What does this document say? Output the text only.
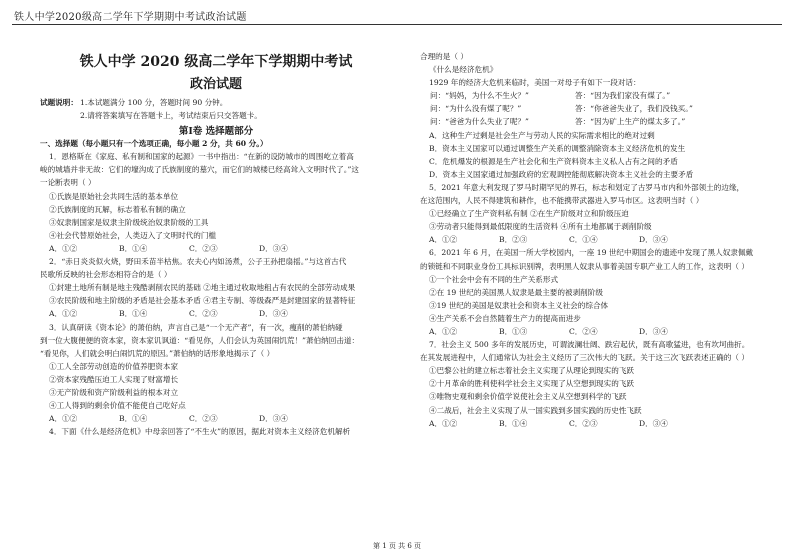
铁人中学2020级高二学年下学期期中考试政治试题
铁人中学 2020 级高二学年下学期期中考试
政治试题
试题说明： 1.本试题满分 100 分，答题时间 90 分钟。
2.请将答案填写在答题卡上，考试结束后只交答题卡。
第Ⅰ卷 选择题部分
一、选择题（每小题只有一个选项正确，每小题 2 分，共 60 分。）
1．恩格斯在《家庭、私有制和国家的起源》一书中指出：“在新的设防城市的周围屹立着高
峻的城墙并非无故：它们的壕沟成了氏族制度的墓穴，而它们的城楼已经高耸入文明时代了。”这
一论断表明（ ）
①氏族是原始社会共同生活的基本单位
②氏族制度的瓦解，标志着私有制的确立
③奴隶制国家是奴隶主阶级统治奴隶阶级的工具
④社会代替原始社会，人类迈入了文明时代的门槛
A．①②	B．①④	C．②③	D．③④
2．“赤日炎炎似火烧，野田禾苗半枯焦。农夫心内如汤煮，公子王孙把扇摇。”与这首古代
民歌所反映的社会形态相符合的是（ ）
①封建土地所有制是地主残酷剥削农民的基础 ②地主通过收取地租占有农民的全部劳动成果
③农民阶级和地主阶级的矛盾是社会基本矛盾 ④君主专制、等级森严是封建国家的显著特征
A．①②	B．①④	C．②③	D．③④
3．认真研读《资本论》的萧伯纳，声言自己是“一个无产者”，有一次，瘦削的萧伯纳碰
到一位大腹便便的资本家，资本家讥讽道：“看见你，人们会认为英国闹饥荒！”萧伯纳回击道：
“看见你，人们就会明白闹饥荒的原因。”萧伯纳的话形象地揭示了（ ）
①工人全部劳动创造的价值养肥资本家
②资本家残酷压迫工人实现了财富增长
③无产阶级和资产阶级利益的根本对立
④工人得到的剩余价值不能使自己吃好点
A．①②	B．①④	C．②③	D．③④
4．下面《什么是经济危机》中母亲回答了“不生火”的原因，据此对资本主义经济危机解析
合理的是（ ）
《什么是经济危机》
1929 年的经济大危机来临时，美国一对母子有如下一段对话：
问：“妈妈，为什么不生火？”	答：“因为我们家没有煤了。”
问：“为什么没有煤了呢？”	答：“你爸爸失业了，我们没钱买。”
问：“爸爸为什么失业了呢？”	答：“因为矿上生产的煤太多了。”
A．这种生产过剩是社会生产与劳动人民的实际需求相比的绝对过剩
B．资本主义国家可以通过调整生产关系的调整消除资本主义经济危机的发生
C．危机爆发的根源是生产社会化和生产资料资本主义私人占有之间的矛盾
D．资本主义国家通过加强政府的宏观调控能彻底解决资本主义社会的主要矛盾
5．2021 年意大利发现了罗马时期罕见的界石，标志和划定了古罗马市内和外部领土的边缘，
在这范围内，人民不得建筑和耕作，也不能携带武器进入罗马市区。这表明当时（ ）
①已经确立了生产资料私有制 ②在生产阶级对立和阶级压迫
③劳动者只能得到最低限度的生活资料 ④所有土地都属于剥削阶级
A．①②	B．②③	C．①④	D．③④
6．2021 年 6 月，在美国一所大学校园内，一座 19 世纪中期国会的遗迹中发现了黑人奴隶佩戴
的锁链和不同职业身份工具标识别牌，表明黑人奴隶从事着美国专职产业工人的工作，这表明（ ）
①一个社会中会有不同的生产关系形式
②在 19 世纪的美国黑人奴隶是最主要的被剥削阶级
③19 世纪的美国是奴隶社会和资本主义社会的综合体
④生产关系不会自然随着生产力的提高而进步
A．①②	B．①③	C．②④	D．③④
7．社会主义 500 多年的发展历史，可谓波澜壮阔、跌宕起伏，既有高歌猛进，也有坎坷曲折。
在其发展进程中，人们通常认为社会主义经历了三次伟大的飞跃。关于这三次飞跃表述正确的（ ）
①巴黎公社的建立标志着社会主义实现了从理论到现实的飞跃
②十月革命的胜利使科学社会主义实现了从空想到现实的飞跃
③唯物史观和剩余价值学说使社会主义从空想到科学的飞跃
④二战后，社会主义实现了从一国实践到多国实践的历史性飞跃
A．①②	B．①④	C．②③	D．③④
第 1 页 共 6 页
